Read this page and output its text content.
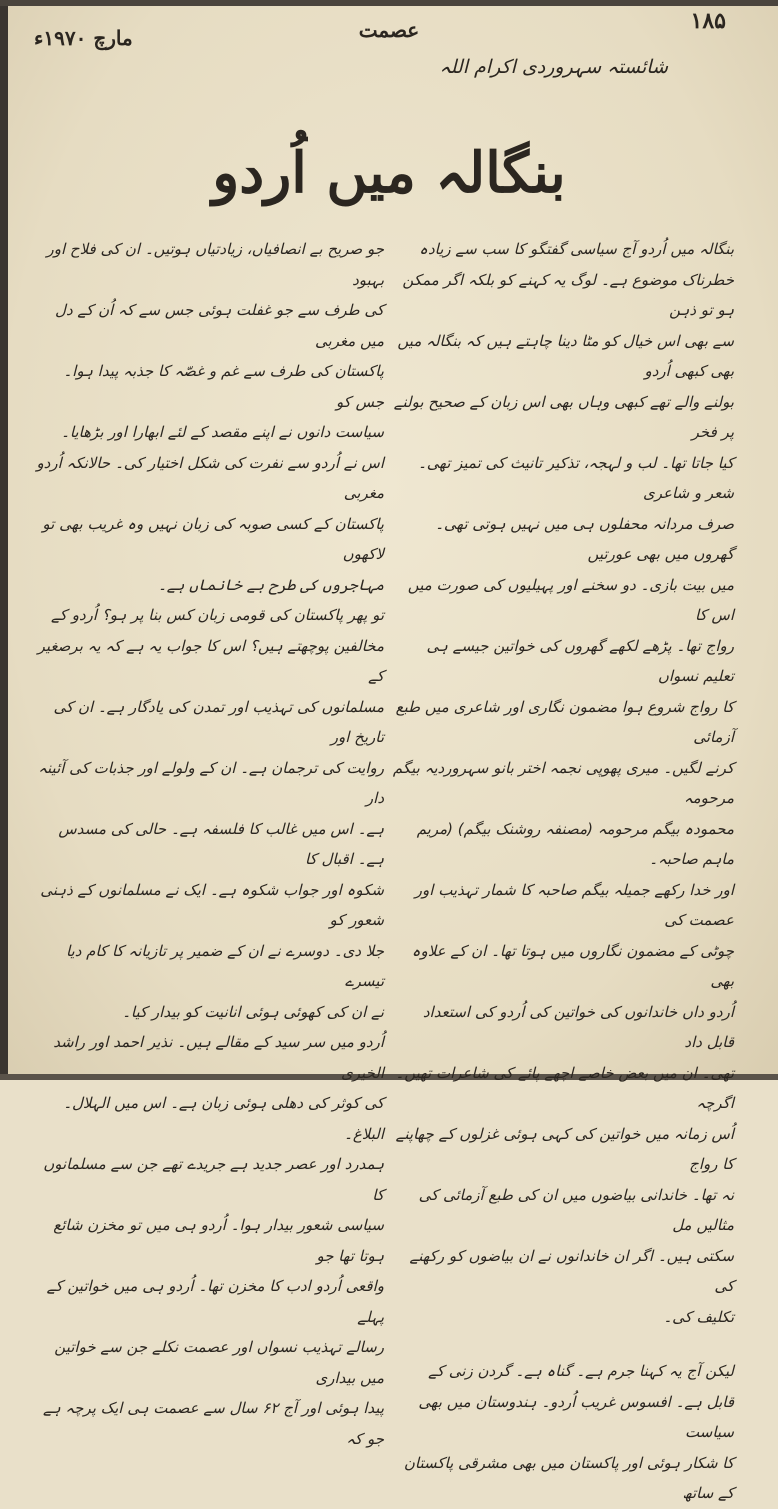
۱۸۵
عصمت
مارچ ۱۹۷۰ء
شائستہ سہروردی اکرام اللہ
بنگالہ میں اُردو

بنگالہ میں اُردو آج سیاسی گفتگو کا سب سے زیادہ

خطرناک موضوع ہے۔ لوگ یہ کہنے کو بلکہ اگر ممکن ہو تو ذہن

سے بھی اس خیال کو مٹا دینا چاہتے ہیں کہ بنگالہ میں بھی کبھی اُردو

بولنے والے تھے کبھی وہاں بھی اس زبان کے صحیح بولنے پر فخر

کیا جاتا تھا۔ لب و لہجہ، تذکیر تانیث کی تمیز تھی۔ شعر و شاعری

صرف مردانہ محفلوں ہی میں نہیں ہوتی تھی۔ گھروں میں بھی عورتیں

میں بیت بازی۔ دو سخنے اور پہیلیوں کی صورت میں اس کا

رواج تھا۔ پڑھے لکھے گھروں کی خواتین جیسے ہی تعلیم نسواں

کا رواج شروع ہوا مضمون نگاری اور شاعری میں طبع آزمائی

کرنے لگیں۔ میری پھوپی نجمہ اختر بانو سہروردیہ بیگم مرحومہ

محمودہ بیگم مرحومہ (مصنفہ روشنک بیگم) (مریم ماہم صاحبہ۔

اور خدا رکھے جمیلہ بیگم صاحبہ کا شمار تہذیب اور عصمت کی

چوٹی کے مضمون نگاروں میں ہوتا تھا۔ ان کے علاوہ بھی

اُردو داں خاندانوں کی خواتین کی اُردو کی استعداد قابل داد

تھی۔ ان میں بعض خاصے اچھے پائے کی شاعرات تھیں۔ اگرچہ

اُس زمانہ میں خواتین کی کہی ہوئی غزلوں کے چھاپنے کا رواج

نہ تھا۔ خاندانی بیاضوں میں ان کی طبع آزمائی کی مثالیں مل

سکتی ہیں۔ اگر ان خاندانوں نے ان بیاضوں کو رکھنے کی

تکلیف کی۔

لیکن آج یہ کہنا جرم ہے۔ گناہ ہے۔ گردن زنی کے

قابل ہے۔ افسوس غریب اُردو۔ ہندوستان میں بھی سیاست

کا شکار ہوئی اور پاکستان میں بھی مشرقی پاکستان کے ساتھ

جو صریح بے انصافیاں، زیادتیاں ہوتیں۔ ان کی فلاح اور بہبود

کی طرف سے جو غفلت ہوئی جس سے کہ اُن کے دل میں مغربی

پاکستان کی طرف سے غم و غصّہ کا جذبہ پیدا ہوا۔ جس کو

سیاست دانوں نے اپنے مقصد کے لئے ابھارا اور بڑھایا۔

اس نے اُردو سے نفرت کی شکل اختیار کی۔ حالانکہ اُردو مغربی

پاکستان کے کسی صوبہ کی زبان نہیں وہ غریب بھی تو لاکھوں

مہاجروں کی طرح بے خانماں ہے۔

تو پھر پاکستان کی قومی زبان کس بنا پر ہو؟ اُردو کے

مخالفین پوچھتے ہیں؟ اس کا جواب یہ ہے کہ یہ برصغیر کے

مسلمانوں کی تہذیب اور تمدن کی یادگار ہے۔ ان کی تاریخ اور

روایت کی ترجمان ہے۔ ان کے ولولے اور جذبات کی آئینہ دار

ہے۔ اس میں غالب کا فلسفہ ہے۔ حالی کی مسدس ہے۔ اقبال کا

شکوہ اور جواب شکوہ ہے۔ ایک نے مسلمانوں کے ذہنی شعور کو

جلا دی۔ دوسرے نے ان کے ضمیر پر تازیانہ کا کام دیا تیسرے

نے ان کی کھوئی ہوئی انانیت کو بیدار کیا۔

اُردو میں سر سید کے مقالے ہیں۔ نذیر احمد اور راشد الخیری

کی کوثر کی دھلی ہوئی زبان ہے۔ اس میں الہلال۔ البلاغ۔

ہمدرد اور عصر جدید ہے جریدے تھے جن سے مسلمانوں کا

سیاسی شعور بیدار ہوا۔ اُردو ہی میں تو مخزن شائع ہوتا تھا جو

واقعی اُردو ادب کا مخزن تھا۔ اُردو ہی میں خواتین کے پہلے

رسالے تہذیب نسواں اور عصمت نکلے جن سے خواتین میں بیداری

پیدا ہوئی اور آج ۶۲ سال سے عصمت ہی ایک پرچہ ہے جو کہ
